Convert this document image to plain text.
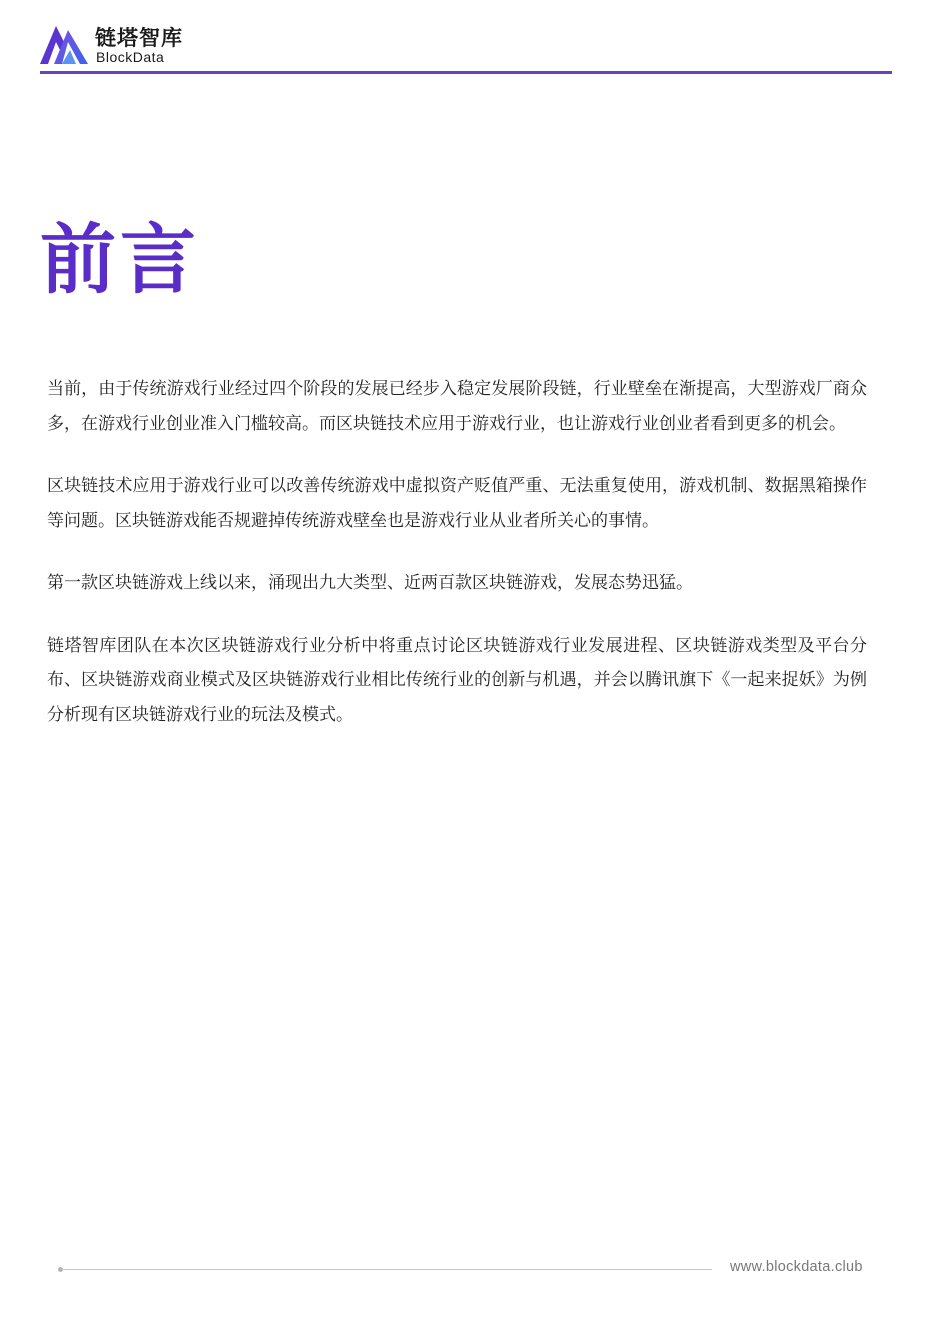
链塔智库
BlockData
前言

当前，由于传统游戏行业经过四个阶段的发展已经步入稳定发展阶段链，行业壁垒在渐提高，大型游戏厂商众多，在游戏行业创业准入门槛较高。而区块链技术应用于游戏行业，也让游戏行业创业者看到更多的机会。

区块链技术应用于游戏行业可以改善传统游戏中虚拟资产贬值严重、无法重复使用，游戏机制、数据黑箱操作等问题。区块链游戏能否规避掉传统游戏壁垒也是游戏行业从业者所关心的事情。

第一款区块链游戏上线以来，涌现出九大类型、近两百款区块链游戏，发展态势迅猛。

链塔智库团队在本次区块链游戏行业分析中将重点讨论区块链游戏行业发展进程、区块链游戏类型及平台分布、区块链游戏商业模式及区块链游戏行业相比传统行业的创新与机遇，并会以腾讯旗下《一起来捉妖》为例分析现有区块链游戏行业的玩法及模式。

www.blockdata.club
